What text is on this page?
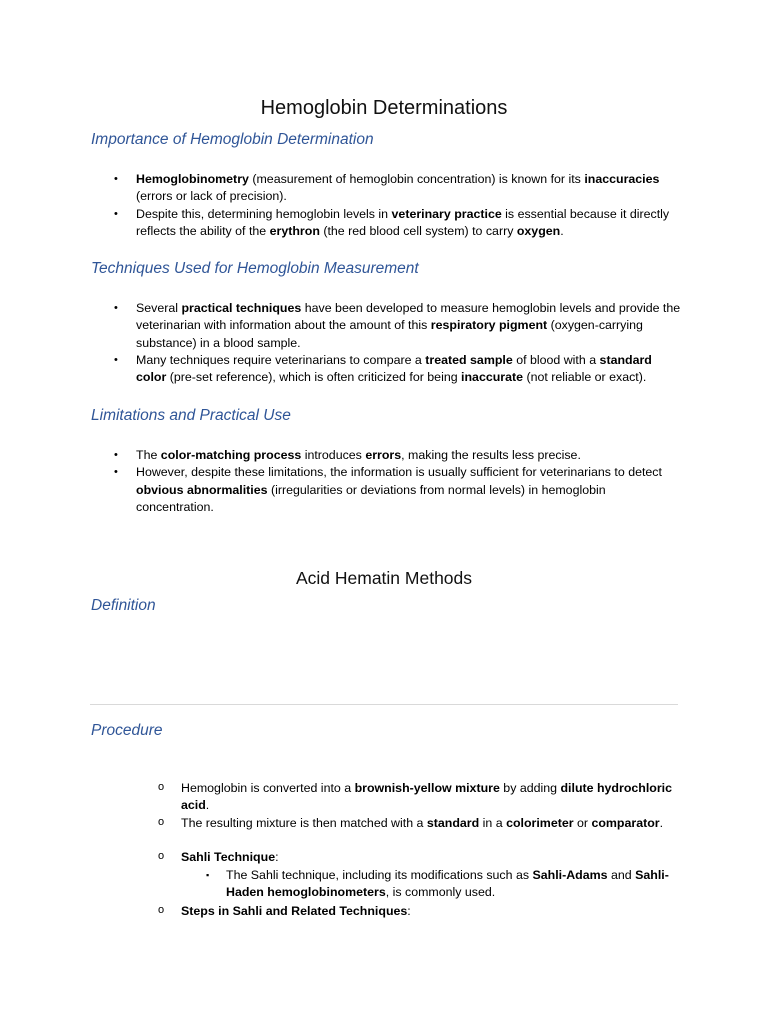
Hemoglobin Determinations
Importance of Hemoglobin Determination
• Hemoglobinometry (measurement of hemoglobin concentration) is known for its inaccuracies (errors or lack of precision).
• Despite this, determining hemoglobin levels in veterinary practice is essential because it directly reflects the ability of the erythron (the red blood cell system) to carry oxygen.
Techniques Used for Hemoglobin Measurement
• Several practical techniques have been developed to measure hemoglobin levels and provide the veterinarian with information about the amount of this respiratory pigment (oxygen-carrying substance) in a blood sample.
• Many techniques require veterinarians to compare a treated sample of blood with a standard color (pre-set reference), which is often criticized for being inaccurate (not reliable or exact).
Limitations and Practical Use
• The color-matching process introduces errors, making the results less precise.
• However, despite these limitations, the information is usually sufficient for veterinarians to detect obvious abnormalities (irregularities or deviations from normal levels) in hemoglobin concentration.
Acid Hematin Methods
Definition
Procedure
o Hemoglobin is converted into a brownish-yellow mixture by adding dilute hydrochloric acid.
o The resulting mixture is then matched with a standard in a colorimeter or comparator.
o Sahli Technique:
▪ The Sahli technique, including its modifications such as Sahli-Adams and Sahli-Haden hemoglobinometers, is commonly used.
o Steps in Sahli and Related Techniques:
